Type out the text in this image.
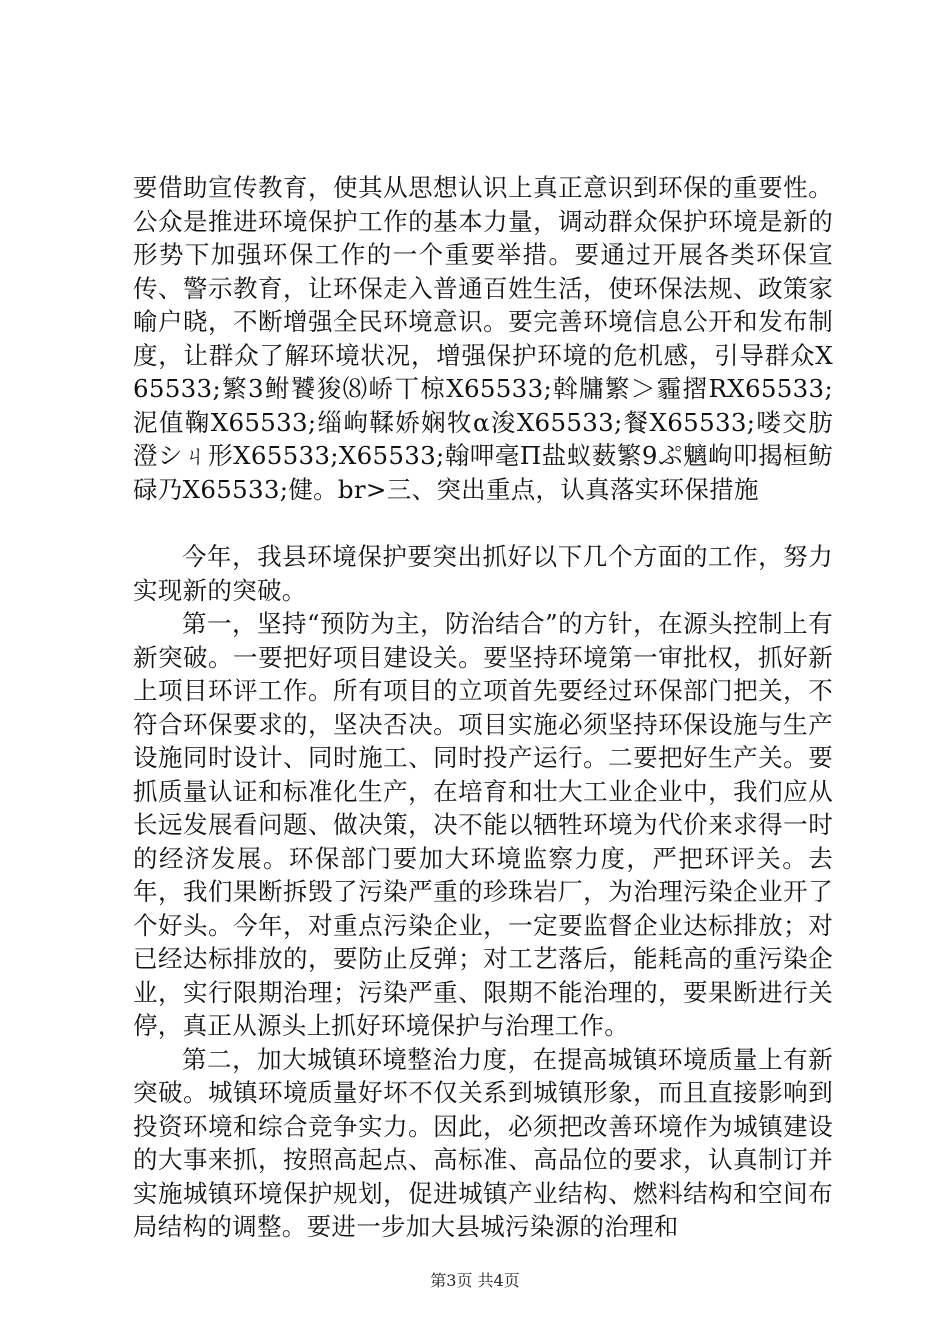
要借助宣传教育，使其从思想认识上真正意识到环保的重要性。公众是推进环境保护工作的基本力量，调动群众保护环境是新的形势下加强环保工作的一个重要举措。要通过开展各类环保宣传、警示教育，让环保走入普通百姓生活，使环保法规、政策家喻户晓，不断增强全民环境意识。要完善环境信息公开和发布制度，让群众了解环境状况，增强保护环境的危机感，引导群众X65533;繁3鲋饕狻⑻峤丅椋X65533;斡牗繁＞霾摺RX65533;泥值鞠X65533;缁岣鞣娇娴牧α浚X65533;餐X65533;喽交肪澄シㄐ形X65533;X65533;翰呷毫Π盐蚁薮繁9ぷ魑岣叩揭桓鲂碌乃X65533;健。br>三、突出重点，认真落实环保措施

今年，我县环境保护要突出抓好以下几个方面的工作，努力实现新的突破。

第一，坚持“预防为主，防治结合”的方针，在源头控制上有新突破。一要把好项目建设关。要坚持环境第一审批权，抓好新上项目环评工作。所有项目的立项首先要经过环保部门把关，不符合环保要求的，坚决否决。项目实施必须坚持环保设施与生产设施同时设计、同时施工、同时投产运行。二要把好生产关。要抓质量认证和标准化生产，在培育和壮大工业企业中，我们应从长远发展看问题、做决策，决不能以牺牲环境为代价来求得一时的经济发展。环保部门要加大环境监察力度，严把环评关。去年，我们果断拆毁了污染严重的珍珠岩厂，为治理污染企业开了个好头。今年，对重点污染企业，一定要监督企业达标排放；对已经达标排放的，要防止反弹；对工艺落后，能耗高的重污染企业，实行限期治理；污染严重、限期不能治理的，要果断进行关停，真正从源头上抓好环境保护与治理工作。

第二，加大城镇环境整治力度，在提高城镇环境质量上有新突破。城镇环境质量好坏不仅关系到城镇形象，而且直接影响到投资环境和综合竞争实力。因此，必须把改善环境作为城镇建设的大事来抓，按照高起点、高标准、高品位的要求，认真制订并实施城镇环境保护规划，促进城镇产业结构、燃料结构和空间布局结构的调整。要进一步加大县城污染源的治理和

第3页 共4页
